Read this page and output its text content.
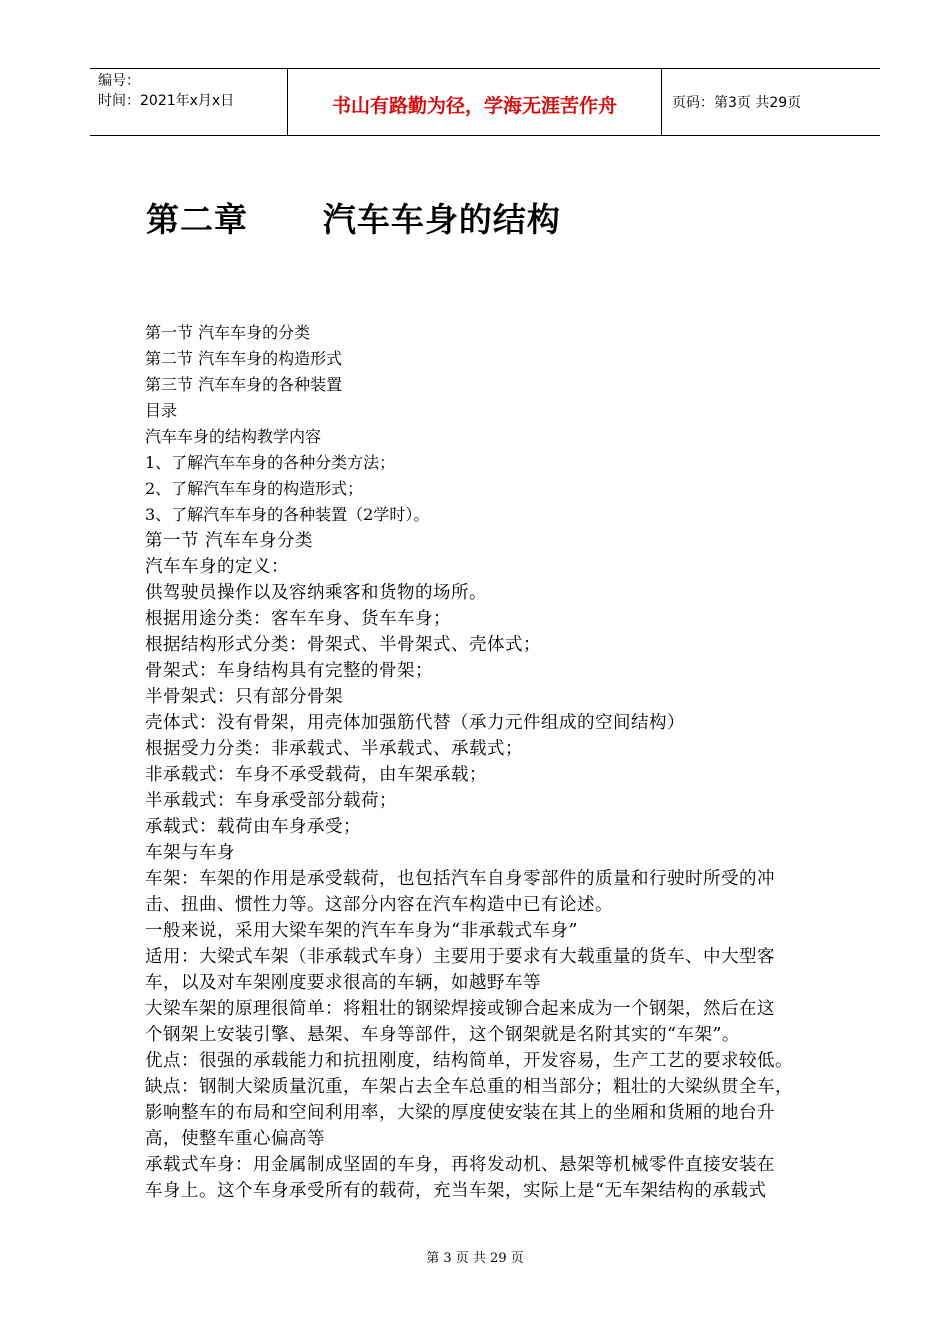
编号：
时间：2021年x月x日	书山有路勤为径，学海无涯苦作舟	页码：第3页 共29页
第二章      汽车车身的结构
第一节 汽车车身的分类
第二节 汽车车身的构造形式
第三节 汽车车身的各种装置
目录
汽车车身的结构教学内容
1、了解汽车车身的各种分类方法；
2、了解汽车车身的构造形式；
3、了解汽车车身的各种装置（2学时）。
第一节 汽车车身分类
汽车车身的定义：
供驾驶员操作以及容纳乘客和货物的场所。
根据用途分类：客车车身、货车车身；
根据结构形式分类：骨架式、半骨架式、壳体式；
骨架式：车身结构具有完整的骨架；
半骨架式：只有部分骨架
壳体式：没有骨架，用壳体加强筋代替（承力元件组成的空间结构）
根据受力分类：非承载式、半承载式、承载式；
非承载式：车身不承受载荷，由车架承载；
半承载式：车身承受部分载荷；
承载式：载荷由车身承受；
车架与车身
车架：车架的作用是承受载荷，也包括汽车自身零部件的质量和行驶时所受的冲
击、扭曲、惯性力等。这部分内容在汽车构造中已有论述。
一般来说，采用大梁车架的汽车车身为“非承载式车身”
适用：大梁式车架（非承载式车身）主要用于要求有大载重量的货车、中大型客
车，以及对车架刚度要求很高的车辆，如越野车等
大梁车架的原理很简单：将粗壮的钢梁焊接或铆合起来成为一个钢架，然后在这
个钢架上安装引擎、悬架、车身等部件，这个钢架就是名附其实的“车架”。
优点：很强的承载能力和抗扭刚度，结构简单，开发容易，生产工艺的要求较低。
缺点：钢制大梁质量沉重，车架占去全车总重的相当部分；粗壮的大梁纵贯全车，
影响整车的布局和空间利用率，大梁的厚度使安装在其上的坐厢和货厢的地台升
高，使整车重心偏高等
承载式车身：用金属制成坚固的车身，再将发动机、悬架等机械零件直接安装在
车身上。这个车身承受所有的载荷，充当车架，实际上是“无车架结构的承载式
第 3 页 共 29 页
